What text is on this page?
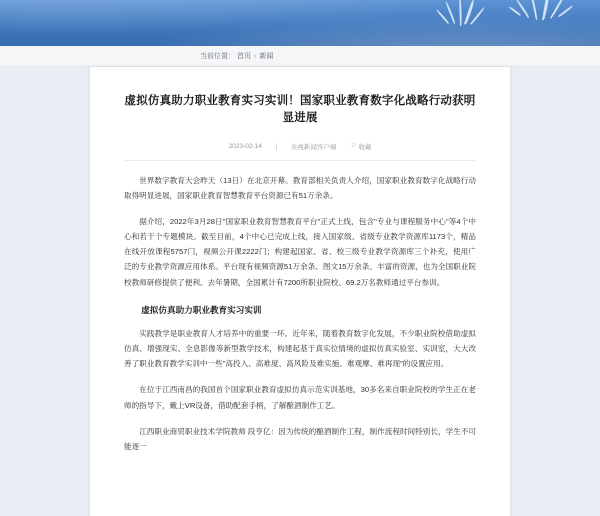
当前位置： 首页 › 新闻
虚拟仿真助力职业教育实习实训！国家职业教育数字化战略行动获明显进展
2023-02-14	央视新闻客户端 ☆ 收藏

世界数字教育大会昨天（13日）在北京开幕。教育部相关负责人介绍，国家职业教育数字化战略行动取得明显进展，国家职业教育智慧教育平台资源已有51万余条。

据介绍，2022年3月28日"国家职业教育智慧教育平台"正式上线，包含"专业与课程服务中心"等4个中心和若干个专题模块。截至目前，4个中心已完成上线，接入国家级、省级专业教学资源库1173个，精品在线开放课程5757门，视频公开课2222门；构建起国家、省、校三级专业教学资源库三个补充，使用广泛的专业教学资源应用体系。平台现有视频资源51万余条、图文15万余条。丰富的资源，也为全国职业院校教师研修提供了便利。去年暑期，全国累计有7200所职业院校、69.2万名教师通过平台参训。

虚拟仿真助力职业教育实习实训

实践教学是职业教育人才培养中的重要一环。近年来，随着教育数字化发展，不少职业院校借助虚拟仿真、增强现实、全息影像等新型教学技术，构建起基于真实位情境的虚拟仿真实验室、实训室，大大改善了职业教育教学实训中一些"高投入、高难度、高风险及难实施、难观摩、难再现"的设置应用。

在位于江西南昌的我国首个国家职业教育虚拟仿真示范实训基地，30多名来自职业院校的学生正在老师的指导下，戴上VR设备，借助配套手柄，了解酿酒制作工艺。

江西职业商贸职业技术学院教师 段亨亿：因为传统的酿酒制作工程，制作流程时间特别长，学生不可能逐一
